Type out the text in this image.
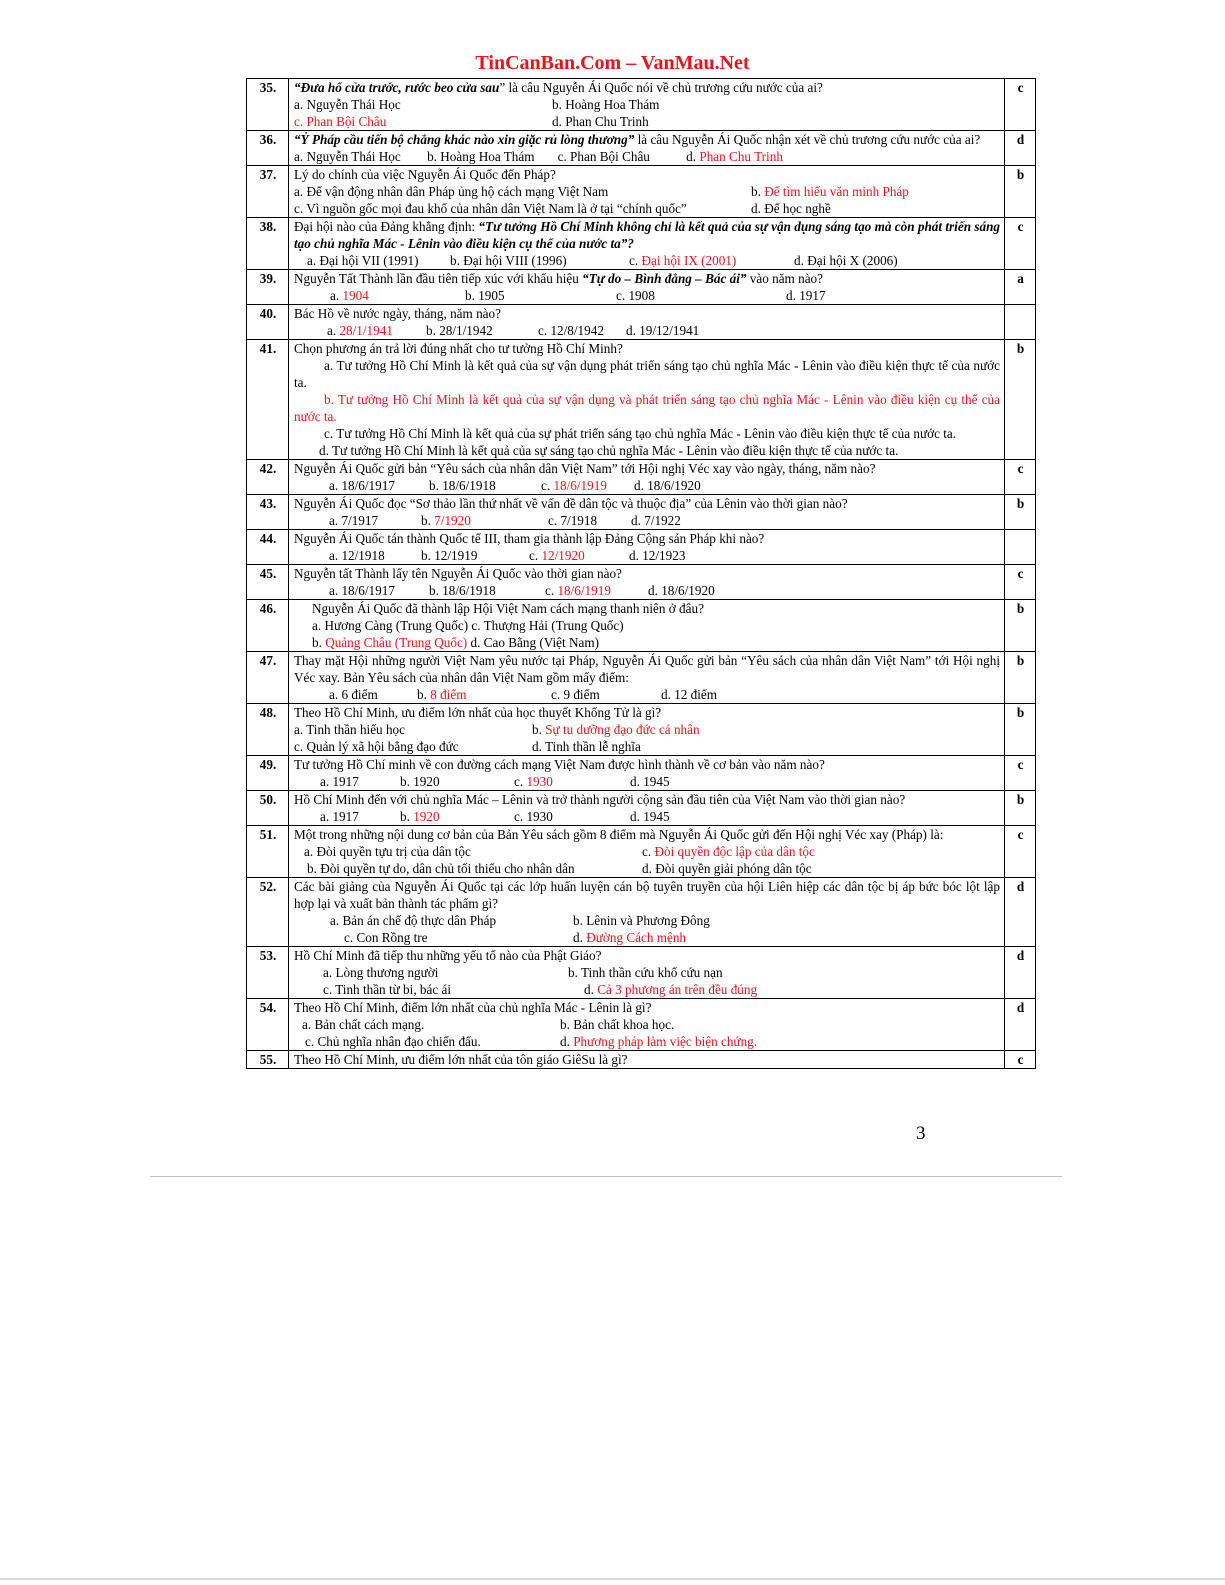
TinCanBan.Com – VanMau.Net
35.	“Đưa hổ cửa trước, rước beo cửa sau” là câu Nguyễn Ái Quốc nói về chủ trương cứu nước của ai?
a. Nguyễn Thái Học b. Hoàng Hoa Thám
c. Phan Bội Châu d. Phan Chu Trinh	c
36.	“Ỷ Pháp cầu tiến bộ chẳng khác nào xin giặc rủ lòng thương” là câu Nguyễn Ái Quốc nhận xét về chủ trương cứu nước của ai?
a. Nguyễn Thái Học b. Hoàng Hoa Thám c. Phan Bội Châu d. Phan Chu Trinh	d
37.	Lý do chính của việc Nguyễn Ái Quốc đến Pháp?
a. Để vận động nhân dân Pháp ủng hộ cách mạng Việt Nam b. Để tìm hiểu văn minh Pháp
c. Vì nguồn gốc mọi đau khổ của nhân dân Việt Nam là ở tại “chính quốc” d. Để học nghề	b
38.	Đại hội nào của Đảng khẳng định: “Tư tưởng Hồ Chí Minh không chỉ là kết quả của sự vận dụng sáng tạo mà còn phát triển sáng tạo chủ nghĩa Mác - Lênin vào điều kiện cụ thể của nước ta”?
a. Đại hội VII (1991) b. Đại hội VIII (1996) c. Đại hội IX (2001) d. Đại hội X (2006)	c
39.	Nguyễn Tất Thành lần đầu tiên tiếp xúc với khẩu hiệu “Tự do – Bình đẳng – Bác ái” vào năm nào?
a. 1904 b. 1905 c. 1908 d. 1917	a
40.	Bác Hồ về nước ngày, tháng, năm nào?
a. 28/1/1941 b. 28/1/1942 c. 12/8/1942 d. 19/12/1941	

41.	Chọn phương án trả lời đúng nhất cho tư tưởng Hồ Chí Minh?
a. Tư tưởng Hồ Chí Minh là kết quả của sự vận dụng phát triển sáng tạo chủ nghĩa Mác - Lênin vào điều kiện thực tế của nước ta.
b. Tư tưởng Hồ Chí Minh là kết quả của sự vận dụng và phát triển sáng tạo chủ nghĩa Mác - Lênin vào điều kiện cụ thể của nước ta.
c. Tư tưởng Hồ Chí Minh là kết quả của sự phát triển sáng tạo chủ nghĩa Mác - Lênin vào điều kiện thực tế của nước ta.
d. Tư tưởng Hồ Chí Minh là kết quả của sự sáng tạo chủ nghĩa Mác - Lênin vào điều kiện thực tế của nước ta.	b
42.	Nguyễn Ái Quốc gửi bản “Yêu sách của nhân dân Việt Nam” tới Hội nghị Véc xay vào ngày, tháng, năm nào?
a. 18/6/1917 b. 18/6/1918 c. 18/6/1919 d. 18/6/1920	c
43.	Nguyễn Ái Quốc đọc “Sơ thảo lần thứ nhất về vấn đề dân tộc và thuộc địa” của Lênin vào thời gian nào?
a. 7/1917 b. 7/1920 c. 7/1918 d. 7/1922	b
44.	Nguyễn Ái Quốc tán thành Quốc tế III, tham gia thành lập Đảng Cộng sản Pháp khi nào?
a. 12/1918 b. 12/1919 c. 12/1920 d. 12/1923	

45.	Nguyễn tất Thành lấy tên Nguyễn Ái Quốc vào thời gian nào?
a. 18/6/1917 b. 18/6/1918 c. 18/6/1919 d. 18/6/1920	c
46.	Nguyễn Ái Quốc đã thành lập Hội Việt Nam cách mạng thanh niên ở đâu?
a. Hương Càng (Trung Quốc) c. Thượng Hải (Trung Quốc)
b. Quảng Châu (Trung Quốc) d. Cao Bằng (Việt Nam)	b
47.	Thay mặt Hội những người Việt Nam yêu nước tại Pháp, Nguyễn Ái Quốc gửi bản “Yêu sách của nhân dân Việt Nam” tới Hội nghị Véc xay. Bản Yêu sách của nhân dân Việt Nam gồm mấy điểm:
a. 6 điểm b. 8 điểm c. 9 điểm d. 12 điểm	b
48.	Theo Hồ Chí Minh, ưu điểm lớn nhất của học thuyết Khổng Tử là gì?
a. Tinh thần hiếu học b. Sự tu dưỡng đạo đức cá nhân
c. Quản lý xã hội bằng đạo đức d. Tinh thần lễ nghĩa	b
49.	Tư tưởng Hồ Chí minh về con đường cách mạng Việt Nam được hình thành về cơ bản vào năm nào?
a. 1917 b. 1920 c. 1930 d. 1945	c
50.	Hồ Chí Minh đến với chủ nghĩa Mác – Lênin và trở thành người cộng sản đầu tiên của Việt Nam vào thời gian nào?
a. 1917 b. 1920 c. 1930 d. 1945	b
51.	Một trong những nội dung cơ bản của Bản Yêu sách gồm 8 điểm mà Nguyễn Ái Quốc gửi đến Hội nghị Véc xay (Pháp) là:
a. Đòi quyền tựu trị của dân tộc c. Đòi quyền độc lập của dân tộc
b. Đòi quyền tự do, dân chủ tối thiểu cho nhân dân d. Đòi quyền giải phóng dân tộc	c
52.	Các bài giảng của Nguyễn Ái Quốc tại các lớp huấn luyện cán bộ tuyên truyền của hội Liên hiệp các dân tộc bị áp bức bóc lột lập hợp lại và xuất bản thành tác phẩm gì?
a. Bản án chế độ thực dân Pháp b. Lênin và Phương Đông
c. Con Rồng tre d. Đường Cách mệnh	d
53.	Hồ Chí Minh đã tiếp thu những yếu tố nào của Phật Giáo?
a. Lòng thương người b. Tinh thần cứu khổ cứu nạn
c. Tinh thần từ bi, bác ái d. Cả 3 phương án trên đều đúng	d
54.	Theo Hồ Chí Minh, điểm lớn nhất của chủ nghĩa Mác - Lênin là gì?
a. Bản chất cách mạng. b. Bản chất khoa học.
c. Chủ nghĩa nhân đạo chiến đấu. d. Phương pháp làm việc biện chứng.	d
55.	Theo Hồ Chí Minh, ưu điểm lớn nhất của tôn giáo GiêSu là gì?	c
3
